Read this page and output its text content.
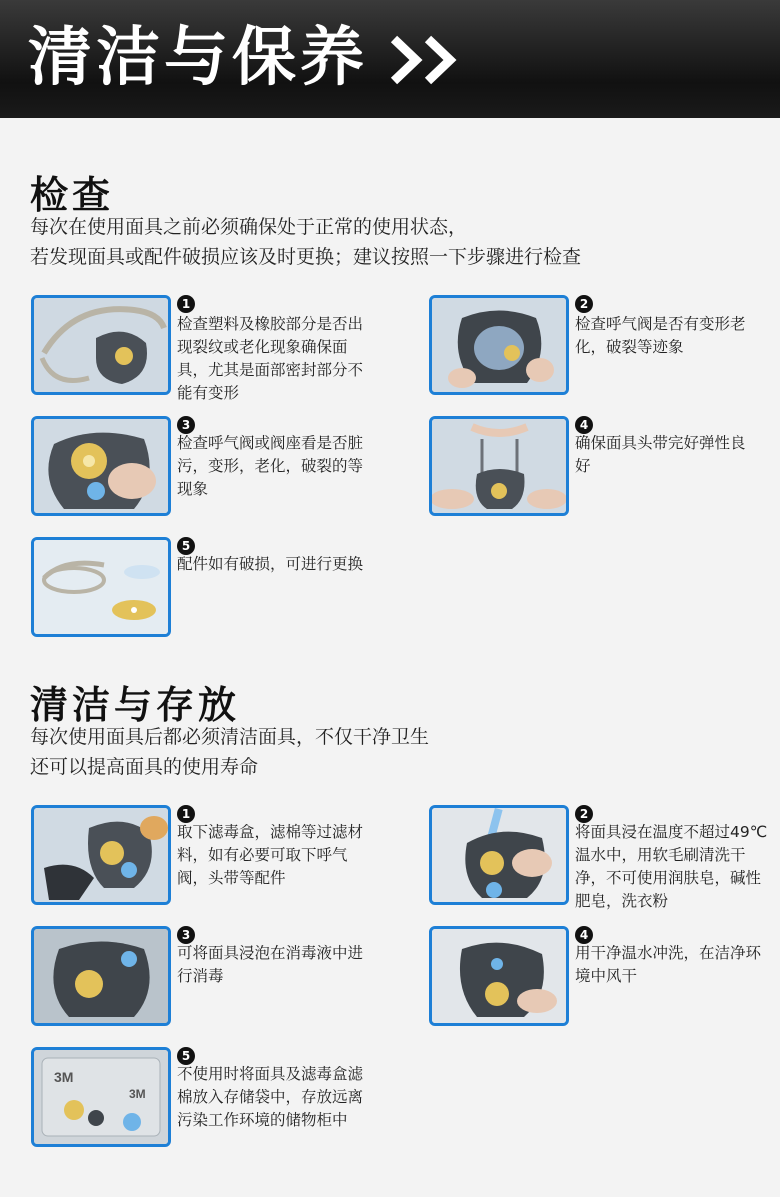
清洁与保养
检查
每次在使用面具之前必须确保处于正常的使用状态，
若发现面具或配件破损应该及时更换；建议按照一下步骤进行检查
1
检查塑料及橡胶部分是否出现裂纹或老化现象确保面具，尤其是面部密封部分不能有变形
2
检查呼气阀是否有变形老化，破裂等迹象
3
检查呼气阀或阀座看是否脏污，变形，老化，破裂的等现象
4
确保面具头带完好弹性良好
5
配件如有破损，可进行更换
清洁与存放
每次使用面具后都必须清洁面具，不仅干净卫生
还可以提高面具的使用寿命
1
取下滤毒盒，滤棉等过滤材料，如有必要可取下呼气阀，头带等配件
2
将面具浸在温度不超过49℃温水中，用软毛刷清洗干净，不可使用润肤皂，碱性肥皂，洗衣粉
3
可将面具浸泡在消毒液中进行消毒
4
用干净温水冲洗，在洁净环境中风干
3M
3M
5
不使用时将面具及滤毒盒滤棉放入存储袋中，存放远离污染工作环境的储物柜中
